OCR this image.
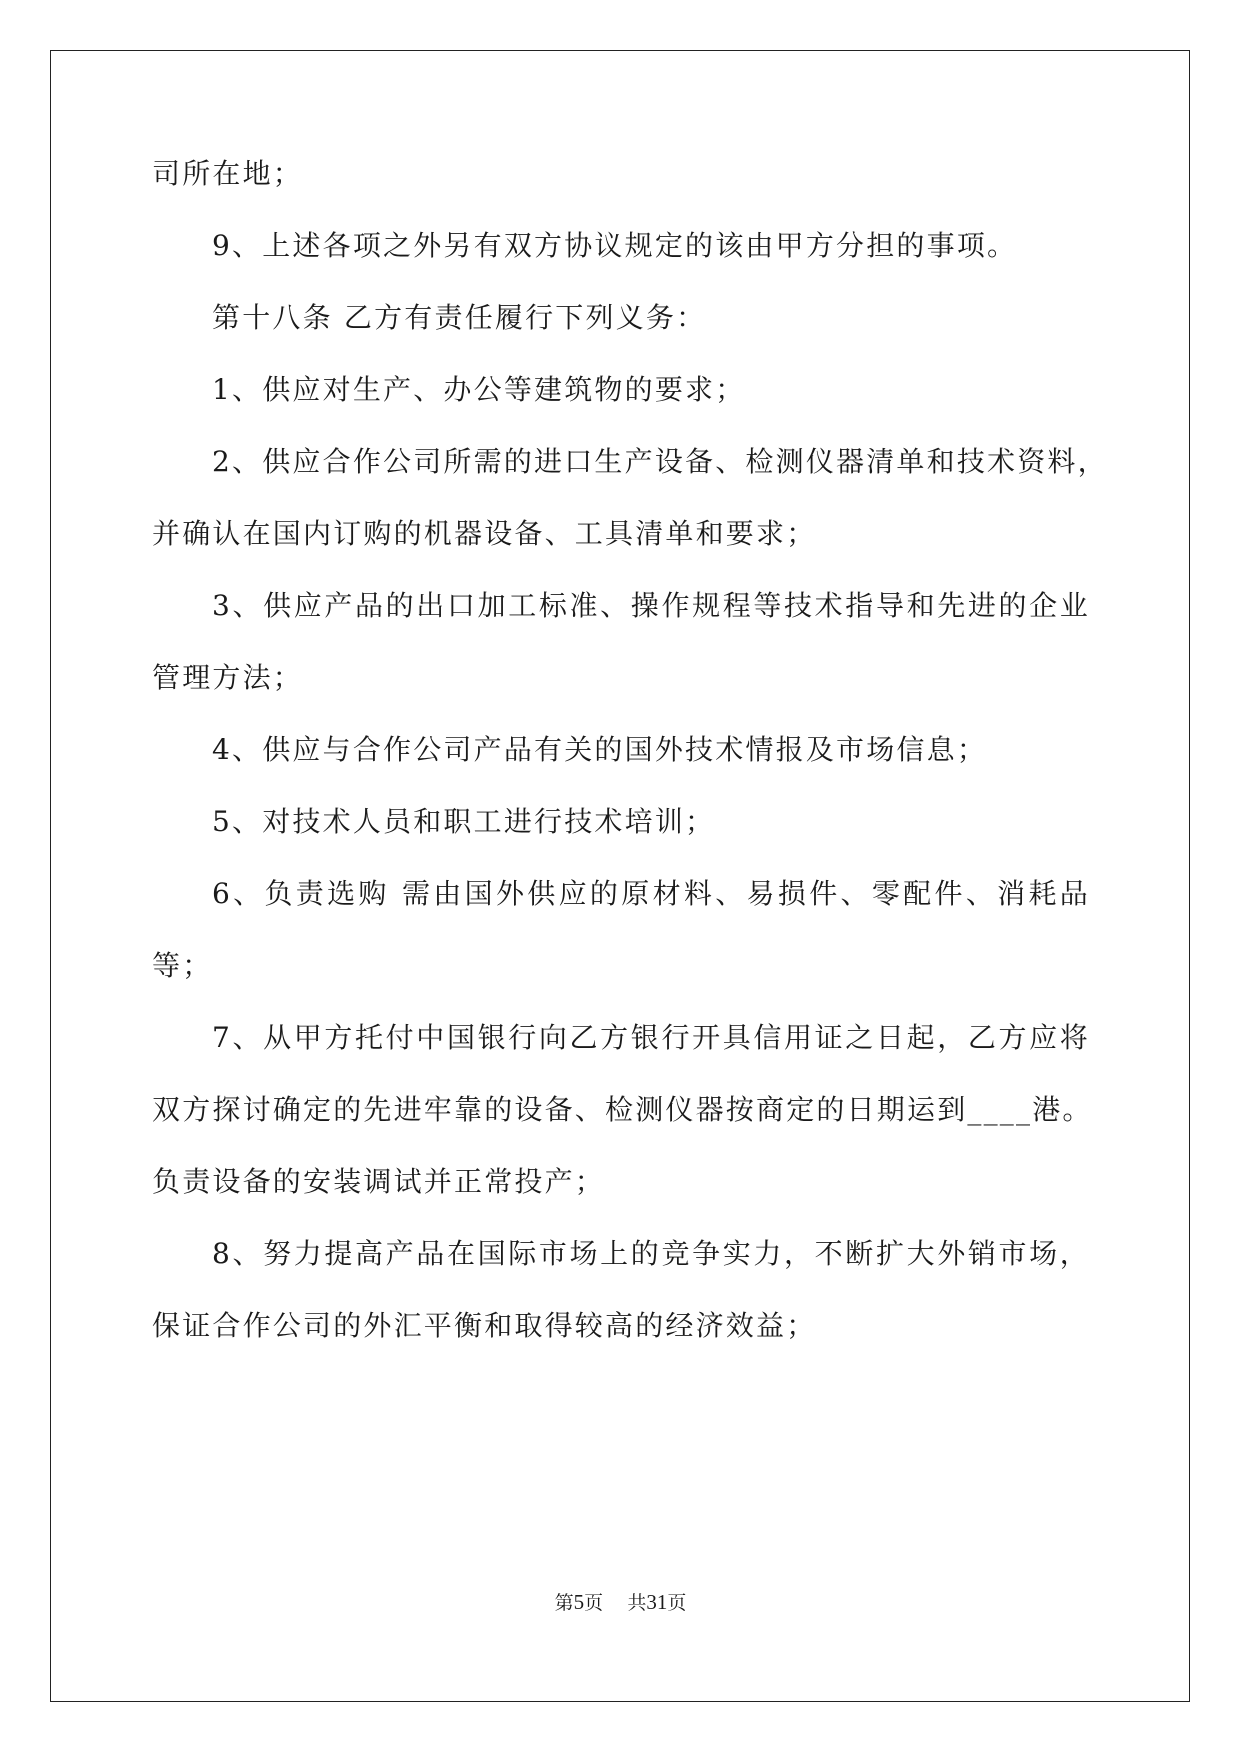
司所在地；
9、上述各项之外另有双方协议规定的该由甲方分担的事项。
第十八条 乙方有责任履行下列义务：
1、供应对生产、办公等建筑物的要求；
2、供应合作公司所需的进口生产设备、检测仪器清单和技术资料，
并确认在国内订购的机器设备、工具清单和要求；
3、供应产品的出口加工标准、操作规程等技术指导和先进的企业
管理方法；
4、供应与合作公司产品有关的国外技术情报及市场信息；
5、对技术人员和职工进行技术培训；
6、负责选购 需由国外供应的原材料、易损件、零配件、消耗品
等；
7、从甲方托付中国银行向乙方银行开具信用证之日起，乙方应将
双方探讨确定的先进牢靠的设备、检测仪器按商定的日期运到____港。
负责设备的安装调试并正常投产；
8、努力提高产品在国际市场上的竞争实力，不断扩大外销市场，
保证合作公司的外汇平衡和取得较高的经济效益；
第5页 共31页
